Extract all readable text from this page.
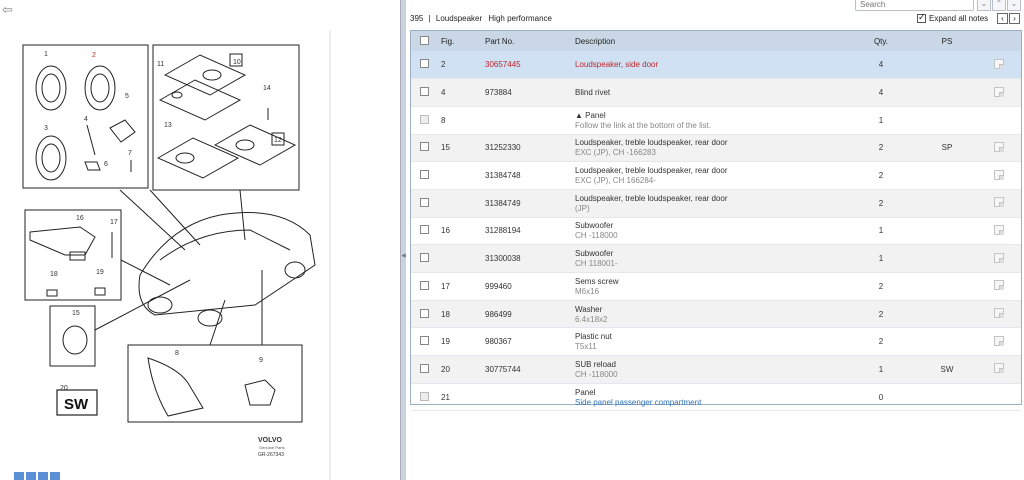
⇦
1	2
3
4
5
6
7
8
9
10
11
12
13
14
15
16
17
18	19
20
SW
VOLVO
Genuine Parts
GR-267343
◂
Search
⌄	⌃	⌄
395 | Loudspeaker High performance ✓	Expand all notes	‹	›
	Fig.	Part No.	Description	Qty.	PS	
	2	30657445	Loudspeaker, side door	4		
	4	973884	Blind rivet	4		
	8		▲ Panel
Follow the link at the bottom of the list.	1		
	15	31252330	Loudspeaker, treble loudspeaker, rear door
EXC (JP), CH -166283	2	SP	
		31384748	Loudspeaker, treble loudspeaker, rear door
EXC (JP), CH 166284-	2		
		31384749	Loudspeaker, treble loudspeaker, rear door
(JP)	2		
	16	31288194	Subwoofer
CH -118000	1		
		31300038	Subwoofer
CH 118001-	1		
	17	999460	Sems screw
M6x16	2		
	18	986499	Washer
6.4x18x2	2		
	19	980367	Plastic nut
T5x11	2		
	20	30775744	SUB reload
CH -118000	1	SW	
	21		Panel
Side panel passenger compartment	0		
